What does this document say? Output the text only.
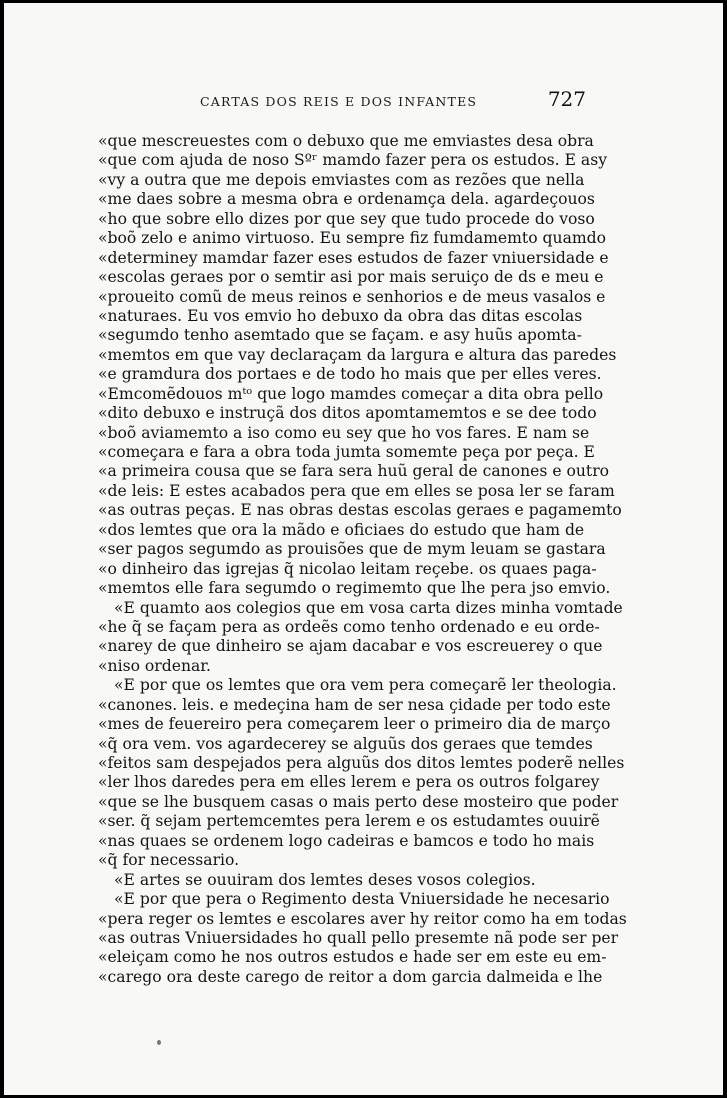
CARTAS DOS REIS E DOS INFANTES	727
«que mescreuestes com o debuxo que me emviastes desa obra
«que com ajuda de noso Sºʳ mamdo fazer pera os estudos. E asy
«vy a outra que me depois emviastes com as rezões que nella
«me daes sobre a mesma obra e ordenamça dela. agardeçouos
«ho que sobre ello dizes por que sey que tudo procede do voso
«boõ zelo e animo virtuoso. Eu sempre fiz fumdamemto quamdo
«determiney mamdar fazer eses estudos de fazer vniuersidade e
«escolas geraes por o semtir asi por mais seruiço de ds e meu e
«proueito comũ de meus reinos e senhorios e de meus vasalos e
«naturaes. Eu vos emvio ho debuxo da obra das ditas escolas
«segumdo tenho asemtado que se façam. e asy huũs apomta-
«memtos em que vay declaraçam da largura e altura das paredes
«e gramdura dos portaes e de todo ho mais que per elles veres.
«Emcomẽdouos mᵗᵒ que logo mamdes começar a dita obra pello
«dito debuxo e instruçã dos ditos apomtamemtos e se dee todo
«boõ aviamemto a iso como eu sey que ho vos fares. E nam se
«começara e fara a obra toda jumta somemte peça por peça. E
«a primeira cousa que se fara sera huũ geral de canones e outro
«de leis: E estes acabados pera que em elles se posa ler se faram
«as outras peças. E nas obras destas escolas geraes e pagamemto
«dos lemtes que ora la mãdo e oficiaes do estudo que ham de
«ser pagos segumdo as prouisões que de mym leuam se gastara
«o dinheiro das igrejas q̃ nicolao leitam reçebe. os quaes paga-
«memtos elle fara segumdo o regimemto que lhe pera jso emvio.
«E quamto aos colegios que em vosa carta dizes minha vomtade
«he q̃ se façam pera as ordeẽs como tenho ordenado e eu orde-
«narey de que dinheiro se ajam dacabar e vos escreuerey o que
«niso ordenar.
«E por que os lemtes que ora vem pera começarẽ ler theologia.
«canones. leis. e medeçina ham de ser nesa çidade per todo este
«mes de feuereiro pera começarem leer o primeiro dia de março
«q̃ ora vem. vos agardecerey se alguũs dos geraes que temdes
«feitos sam despejados pera alguũs dos ditos lemtes poderẽ nelles
«ler lhos daredes pera em elles lerem e pera os outros folgarey
«que se lhe busquem casas o mais perto dese mosteiro que poder
«ser. q̃ sejam pertemcemtes pera lerem e os estudamtes ouuirẽ
«nas quaes se ordenem logo cadeiras e bamcos e todo ho mais
«q̃ for necessario.
«E artes se ouuiram dos lemtes deses vosos colegios.
«E por que pera o Regimento desta Vniuersidade he necesario
«pera reger os lemtes e escolares aver hy reitor como ha em todas
«as outras Vniuersidades ho quall pello presemte nã pode ser per
«eleiçam como he nos outros estudos e hade ser em este eu em-
«carego ora deste carego de reitor a dom garcia dalmeida e lhe
